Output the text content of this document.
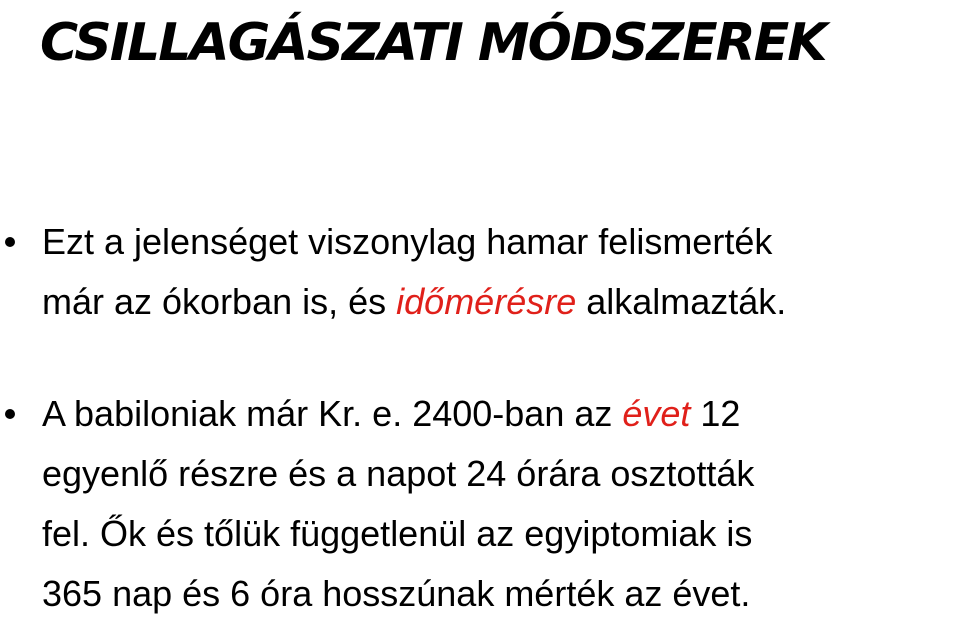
CSILLAGÁSZATI MÓDSZEREK
Ezt a jelenséget viszonylag hamar felismerték
már az ókorban is, és időmérésre alkalmazták.
A babiloniak már Kr. e. 2400-ban az évet 12
egyenlő részre és a napot 24 órára osztották
fel. Ők és tőlük függetlenül az egyiptomiak is
365 nap és 6 óra hosszúnak mérték az évet.
